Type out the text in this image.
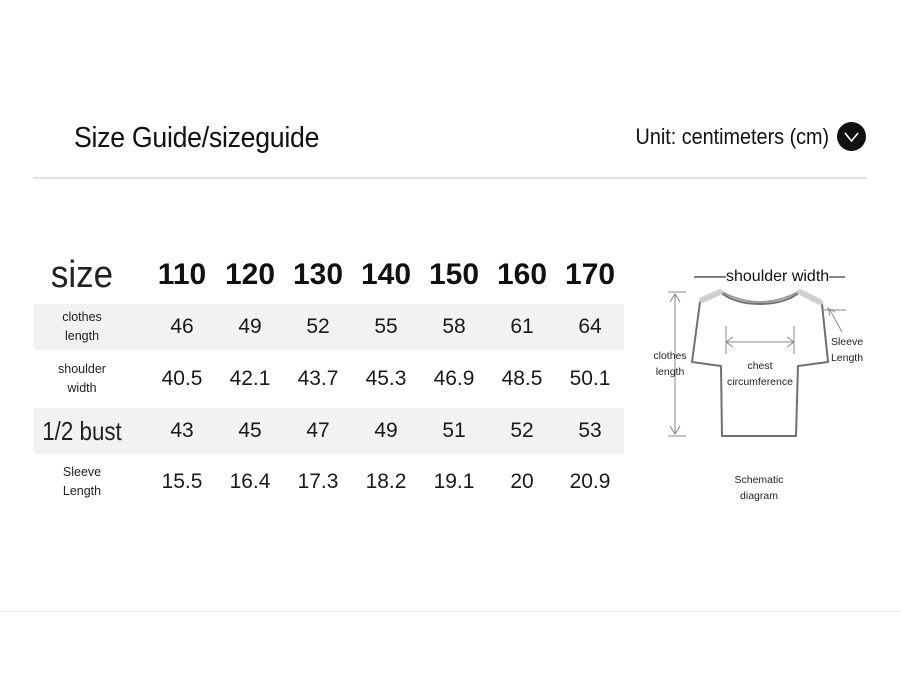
Size Guide/sizeguide	Unit: centimeters (cm)
size	110 120 130 140 150 160 170
clothes
length	46	49	52	55	58	61	64
shoulder
width	40.5	42.1	43.7	45.3	46.9	48.5	50.1
1/2 bust	43	45	47	49	51	52	53
Sleeve
Length	15.5	16.4	17.3	18.2	19.1	20	20.9
——shoulder width—
clothes
length	chest
circumference
Sleeve
Length
Schematic
diagram
